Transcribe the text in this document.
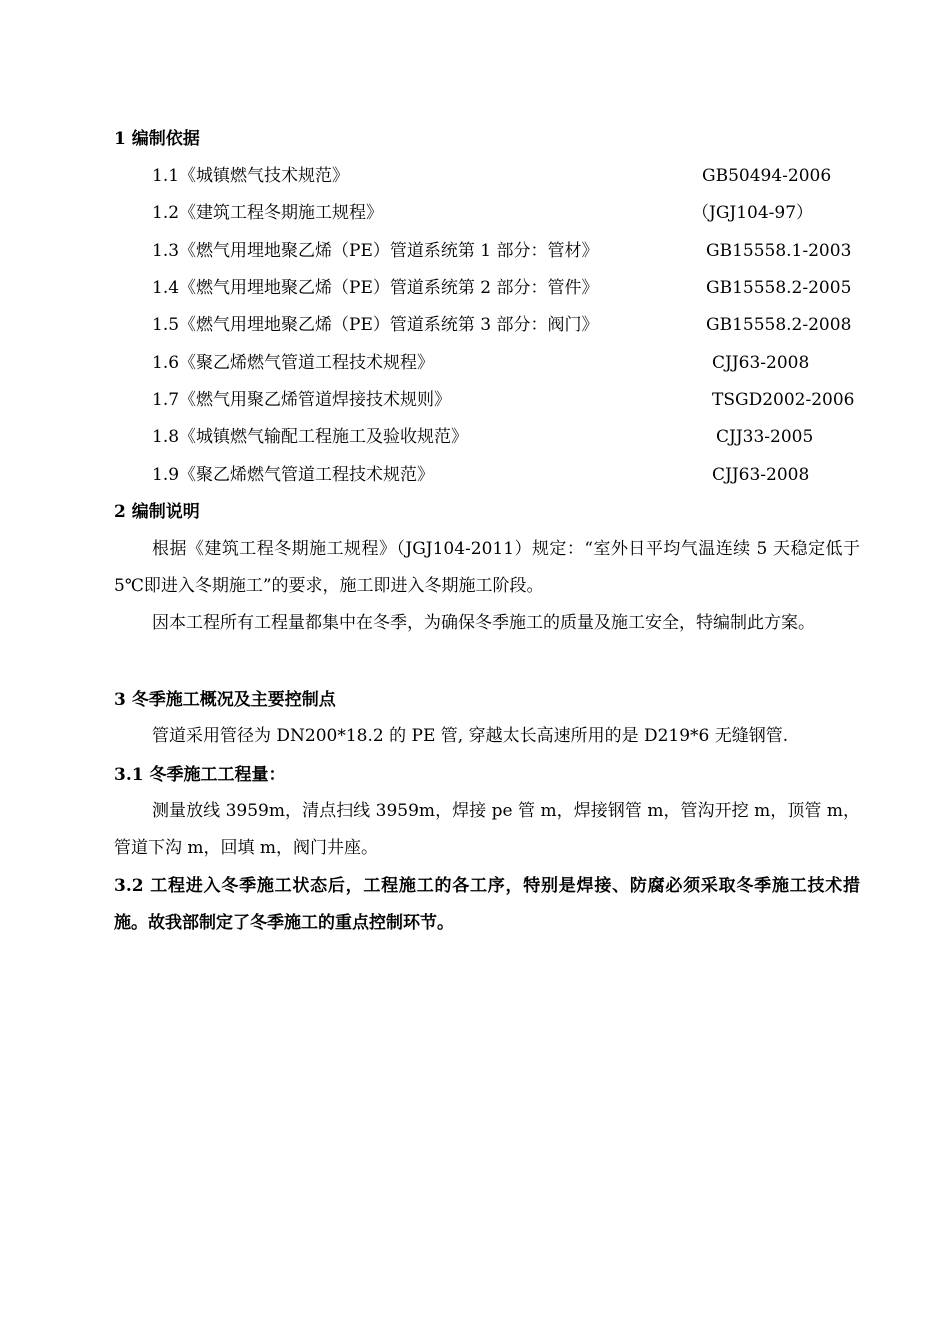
1 编制依据
1.1《城镇燃气技术规范》	GB50494-2006
1.2《建筑工程冬期施工规程》	（JGJ104-97）
1.3《燃气用埋地聚乙烯（PE）管道系统第 1 部分：管材》	GB15558.1-2003
1.4《燃气用埋地聚乙烯（PE）管道系统第 2 部分：管件》	GB15558.2-2005
1.5《燃气用埋地聚乙烯（PE）管道系统第 3 部分：阀门》	GB15558.2-2008
1.6《聚乙烯燃气管道工程技术规程》	CJJ63-2008
1.7《燃气用聚乙烯管道焊接技术规则》	TSGD2002-2006
1.8《城镇燃气输配工程施工及验收规范》	CJJ33-2005
1.9《聚乙烯燃气管道工程技术规范》	CJJ63-2008
2 编制说明

根据《建筑工程冬期施工规程》（JGJ104-2011）规定：“室外日平均气温连续 5 天稳定低于 5℃即进入冬期施工”的要求，施工即进入冬期施工阶段。

因本工程所有工程量都集中在冬季，为确保冬季施工的质量及施工安全，特编制此方案。

3 冬季施工概况及主要控制点

管道采用管径为 DN200*18.2 的 PE 管, 穿越太长高速所用的是 D219*6 无缝钢管.

3.1 冬季施工工程量：

测量放线 3959m，清点扫线 3959m，焊接 pe 管 m，焊接钢管 m，管沟开挖 m，顶管 m，管道下沟 m，回填 m，阀门井座。

3.2 工程进入冬季施工状态后，工程施工的各工序，特别是焊接、防腐必须采取冬季施工技术措施。故我部制定了冬季施工的重点控制环节。
